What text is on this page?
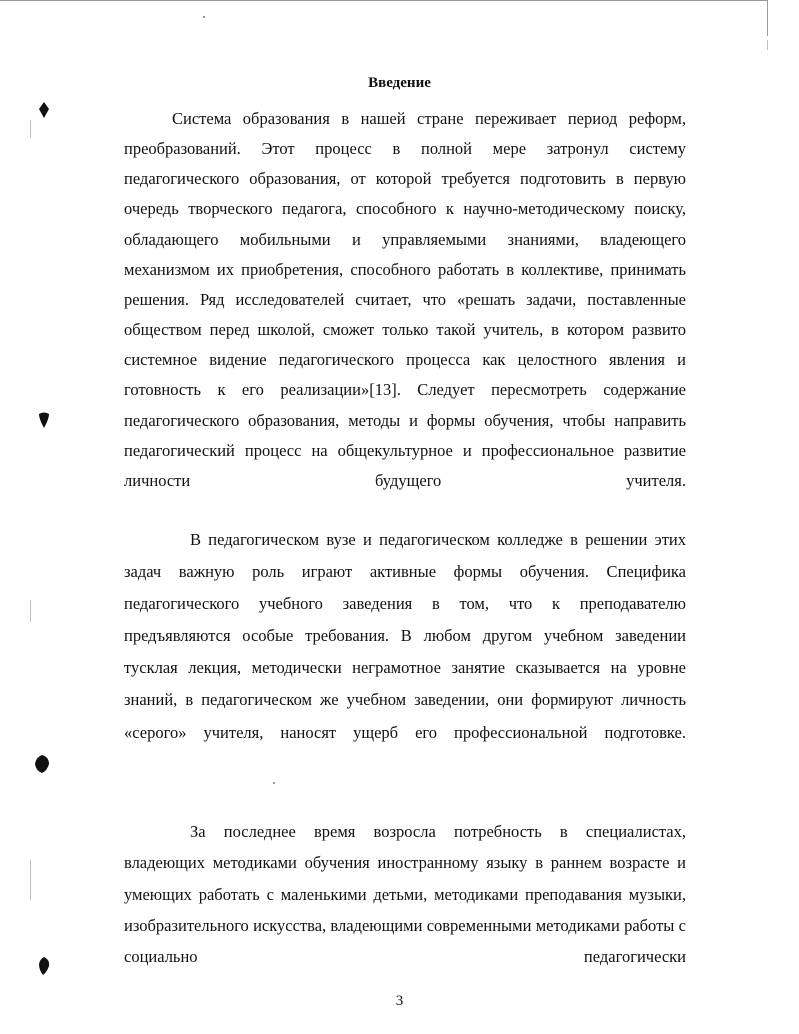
Введение

Система образования в нашей стране переживает период реформ, преобразований. Этот процесс в полной мере затронул систему педагогического образования, от которой требуется подготовить в первую очередь творческого педагога, способного к научно-методическому поиску, обладающего мобильными и управляемыми знаниями, владеющего механизмом их приобретения, способного работать в коллективе, принимать решения. Ряд исследователей считает, что «решать задачи, поставленные обществом перед школой, сможет только такой учитель, в котором развито системное видение педагогического процесса как целостного явления и готовность к его реализации»[13]. Следует пересмотреть содержание педагогического образования, методы и формы обучения, чтобы направить педагогический процесс на общекультурное и профессиональное развитие личности будущего учителя.

В педагогическом вузе и педагогическом колледже в решении этих задач важную роль играют активные формы обучения. Специфика педагогического учебного заведения в том, что к преподавателю предъявляются особые требования. В любом другом учебном заведении тусклая лекция, методически неграмотное занятие сказывается на уровне знаний, в педагогическом же учебном заведении, они формируют личность «серого» учителя, наносят ущерб его профессиональной подготовке.

За последнее время возросла потребность в специалистах, владеющих методиками обучения иностранному языку в раннем возрасте и умеющих работать с маленькими детьми, методиками преподавания музыки, изобразительного искусства, владеющими современными методиками работы с социально педагогически

3
